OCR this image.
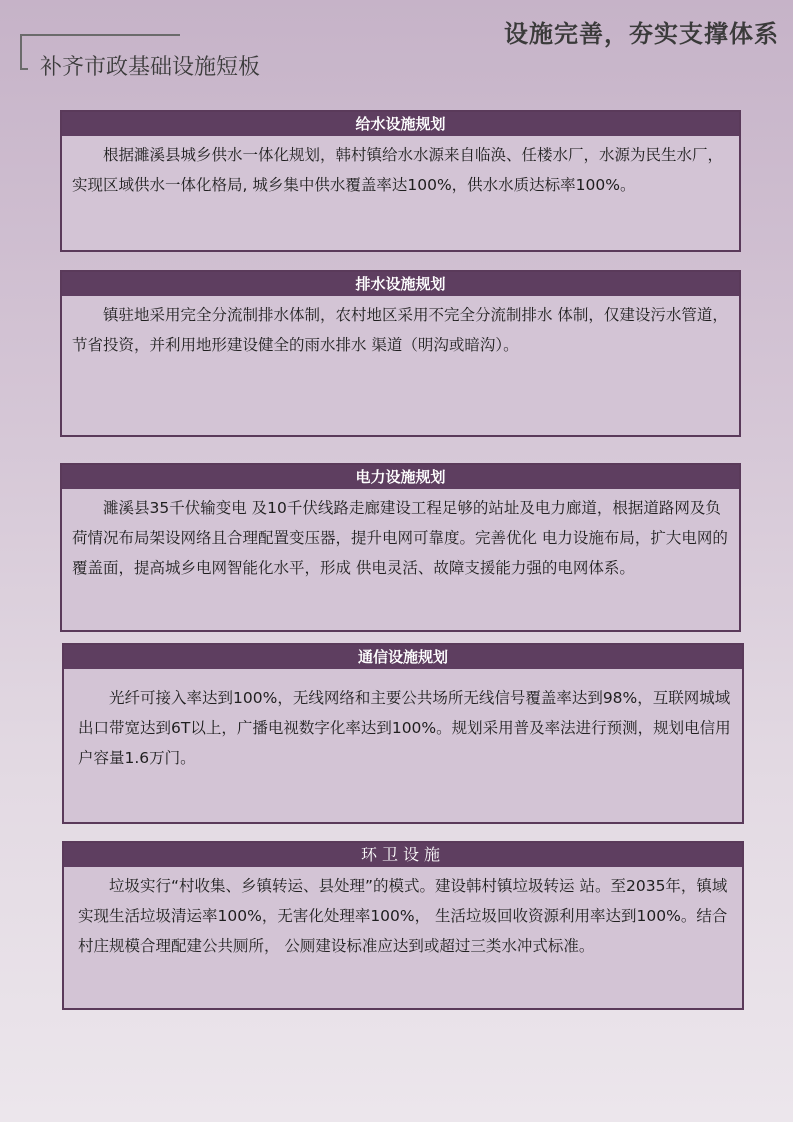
设施完善，夯实支撑体系
补齐市政基础设施短板
给水设施规划
根据濉溪县城乡供水一体化规划，韩村镇给水水源来自临涣、任楼水厂，水源为民生水厂，实现区域供水一体化格局, 城乡集中供水覆盖率达100%，供水水质达标率100%。
排水设施规划
镇驻地采用完全分流制排水体制，农村地区采用不完全分流制排水 体制，仅建设污水管道，节省投资，并利用地形建设健全的雨水排水 渠道（明沟或暗沟）。
电力设施规划
濉溪县35千伏输变电 及10千伏线路走廊建设工程足够的站址及电力廊道，根据道路网及负 荷情况布局架设网络且合理配置变压器，提升电网可靠度。完善优化 电力设施布局，扩大电网的覆盖面，提高城乡电网智能化水平，形成 供电灵活、故障支援能力强的电网体系。
通信设施规划
光纤可接入率达到100%，无线网络和主要公共场所无线信号覆盖率达到98%，互联网城域出口带宽达到6T以上，广播电视数字化率达到100%。规划采用普及率法进行预测，规划电信用户容量1.6万门。
环卫设施
垃圾实行“村收集、乡镇转运、县处理”的模式。建设韩村镇垃圾转运 站。至2035年，镇域实现生活垃圾清运率100%，无害化处理率100%， 生活垃圾回收资源利用率达到100%。结合村庄规模合理配建公共厕所， 公厕建设标准应达到或超过三类水冲式标准。
